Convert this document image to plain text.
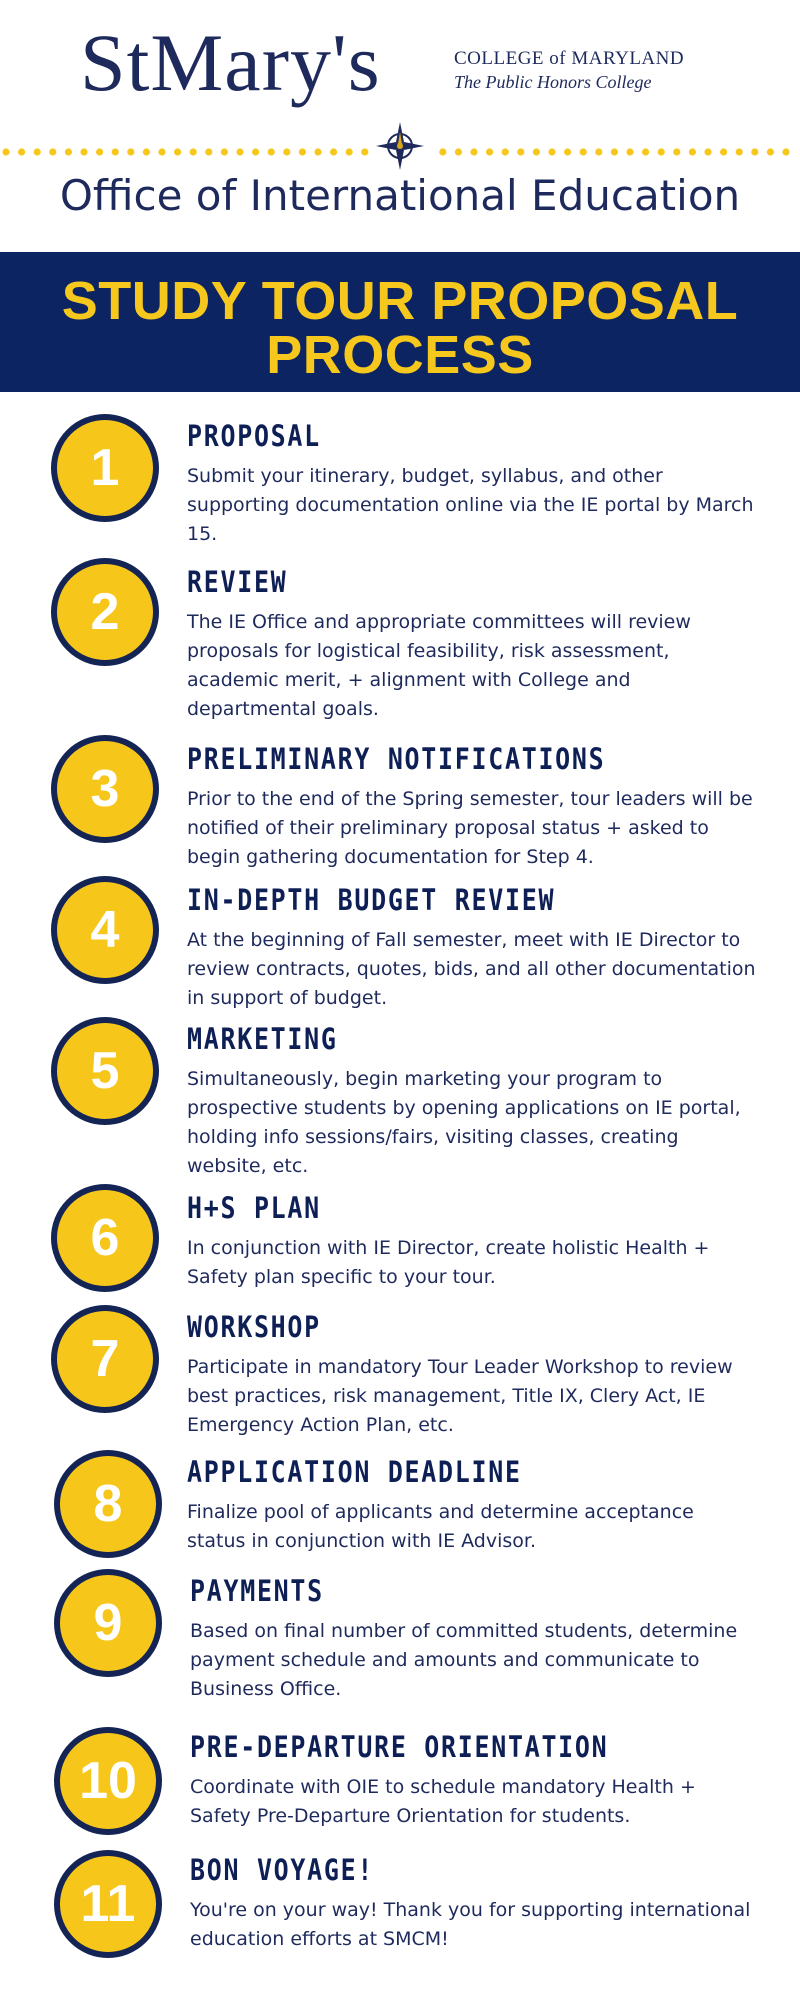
StMary's	COLLEGE of MARYLAND
The Public Honors College
Office of International Education
STUDY TOUR PROPOSAL
PROCESS
1
PROPOSAL
Submit your itinerary, budget, syllabus, and other supporting documentation online via the IE portal by March 15.
2
REVIEW
The IE Office and appropriate committees will review proposals for logistical feasibility, risk assessment, academic merit, + alignment with College and departmental goals.
3
PRELIMINARY NOTIFICATIONS
Prior to the end of the Spring semester, tour leaders will be notified of their preliminary proposal status + asked to begin gathering documentation for Step 4.
4
IN-DEPTH BUDGET REVIEW
At the beginning of Fall semester, meet with IE Director to review contracts, quotes, bids, and all other documentation in support of budget.
5
MARKETING
Simultaneously, begin marketing your program to prospective students by opening applications on IE portal, holding info sessions/fairs, visiting classes, creating website, etc.
6
H+S PLAN
In conjunction with IE Director, create holistic Health + Safety plan specific to your tour.
7
WORKSHOP
Participate in mandatory Tour Leader Workshop to review best practices, risk management, Title IX, Clery Act, IE Emergency Action Plan, etc.
8
APPLICATION DEADLINE
Finalize pool of applicants and determine acceptance status in conjunction with IE Advisor.
9
PAYMENTS
Based on final number of committed students, determine payment schedule and amounts and communicate to Business Office.
10
PRE-DEPARTURE ORIENTATION
Coordinate with OIE to schedule mandatory Health + Safety Pre-Departure Orientation for students.
11
BON VOYAGE!
You're on your way! Thank you for supporting international education efforts at SMCM!
